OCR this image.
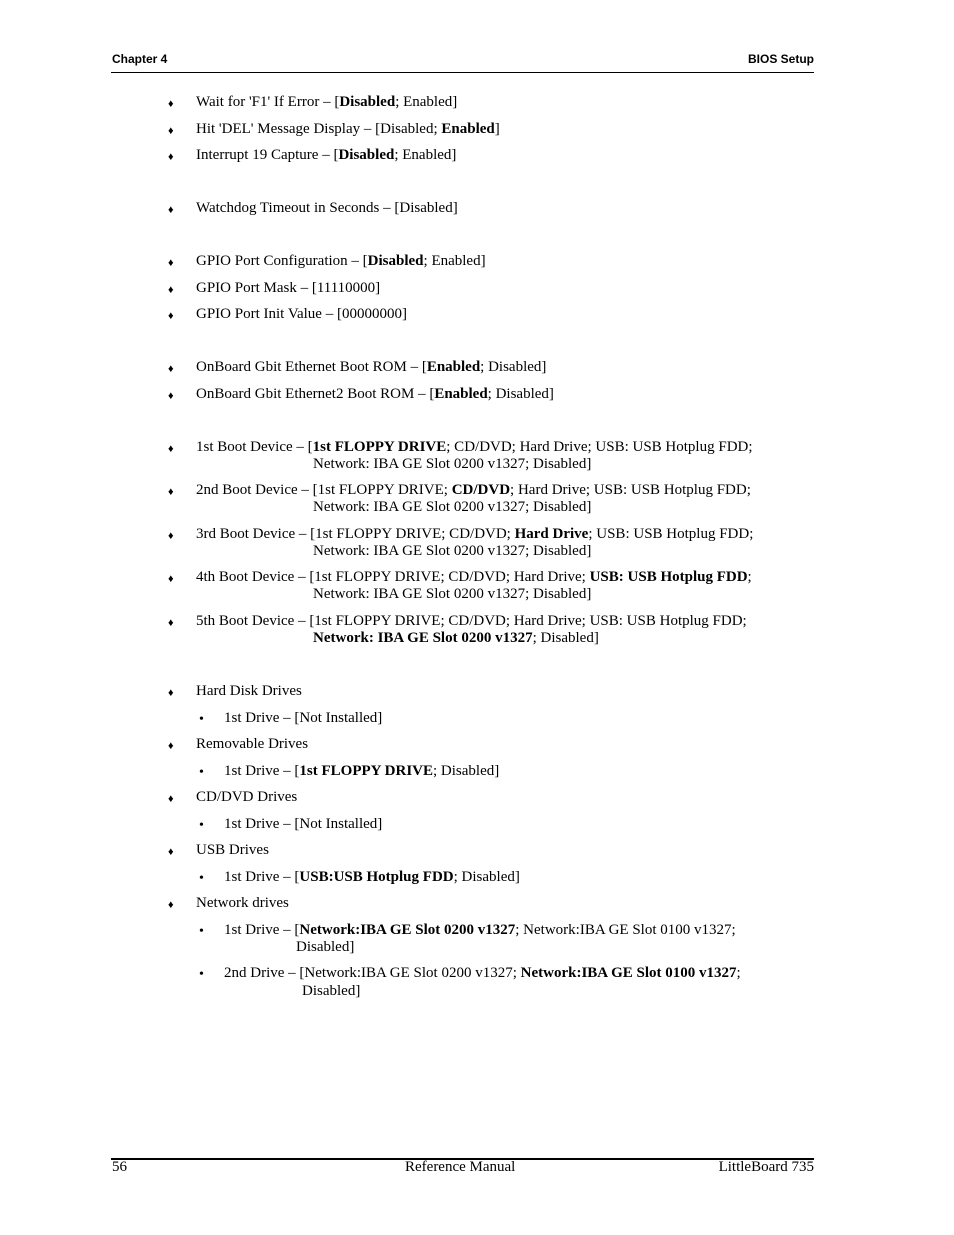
Chapter 4	BIOS Setup
♦
♦
♦
♦
♦
♦
♦
♦
♦
♦
♦
♦
♦
♦
♦
♦
♦
♦
♦
•
•
•
•
•
•
Wait for 'F1' If Error – [Disabled; Enabled]
Hit 'DEL' Message Display – [Disabled; Enabled]
Interrupt 19 Capture – [Disabled; Enabled]
Watchdog Timeout in Seconds – [Disabled]
GPIO Port Configuration – [Disabled; Enabled]
GPIO Port Mask – [11110000]
GPIO Port Init Value – [00000000]
OnBoard Gbit Ethernet Boot ROM – [Enabled; Disabled]
OnBoard Gbit Ethernet2 Boot ROM – [Enabled; Disabled]
1st Boot Device – [1st FLOPPY DRIVE; CD/DVD; Hard Drive; USB: USB Hotplug FDD;
Network: IBA GE Slot 0200 v1327; Disabled]
2nd Boot Device – [1st FLOPPY DRIVE; CD/DVD; Hard Drive; USB: USB Hotplug FDD;
Network: IBA GE Slot 0200 v1327; Disabled]
3rd Boot Device – [1st FLOPPY DRIVE; CD/DVD; Hard Drive; USB: USB Hotplug FDD;
Network: IBA GE Slot 0200 v1327; Disabled]
4th Boot Device – [1st FLOPPY DRIVE; CD/DVD; Hard Drive; USB: USB Hotplug FDD;
Network: IBA GE Slot 0200 v1327; Disabled]
5th Boot Device – [1st FLOPPY DRIVE; CD/DVD; Hard Drive; USB: USB Hotplug FDD;
Network: IBA GE Slot 0200 v1327; Disabled]
Hard Disk Drives
1st Drive – [Not Installed]
Removable Drives
1st Drive – [1st FLOPPY DRIVE; Disabled]
CD/DVD Drives
1st Drive – [Not Installed]
USB Drives
1st Drive – [USB:USB Hotplug FDD; Disabled]
Network drives
1st Drive – [Network:IBA GE Slot 0200 v1327; Network:IBA GE Slot 0100 v1327;
Disabled]
2nd Drive – [Network:IBA GE Slot 0200 v1327; Network:IBA GE Slot 0100 v1327;
Disabled]
56	Reference Manual	LittleBoard 735
